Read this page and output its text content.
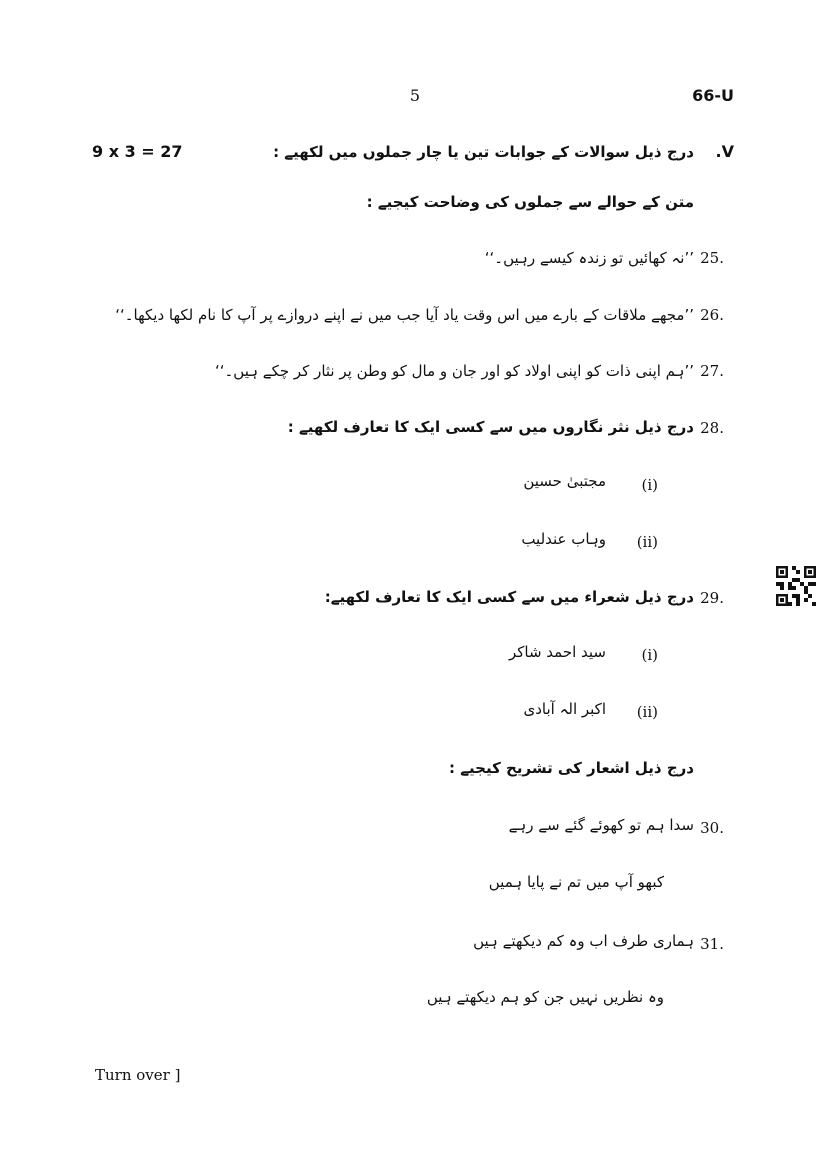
5	66-U
9 x 3 = 27	.V
درج ذیل سوالات کے جوابات تین یا چار جملوں میں لکھیے :
متن کے حوالے سے جملوں کی وضاحت کیجیے :
25.
’’نہ کھائیں تو زندہ کیسے رہیں۔‘‘
26.
’’مجھے ملاقات کے بارے میں اس وقت یاد آیا جب میں نے اپنے دروازے پر آپ کا نام لکھا دیکھا۔‘‘
27.
’’ہم اپنی ذات کو اپنی اولاد کو اور جان و مال کو وطن پر نثار کر چکے ہیں۔‘‘
28.
درج ذیل نثر نگاروں میں سے کسی ایک کا تعارف لکھیے :
(i)
مجتبیٰ حسین
(ii)
وہاب عندلیب
29.
درج ذیل شعراء میں سے کسی ایک کا تعارف لکھیے:
(i)
سید احمد شاکر
(ii)
اکبر الہ آبادی
درج ذیل اشعار کی تشریح کیجیے :
30.
سدا ہم تو کھوئے گئے سے رہے
کبھو آپ میں تم نے پایا ہمیں
31.
ہماری طرف اب وہ کم دیکھتے ہیں
وہ نظریں نہیں جن کو ہم دیکھتے ہیں
Turn over ]
